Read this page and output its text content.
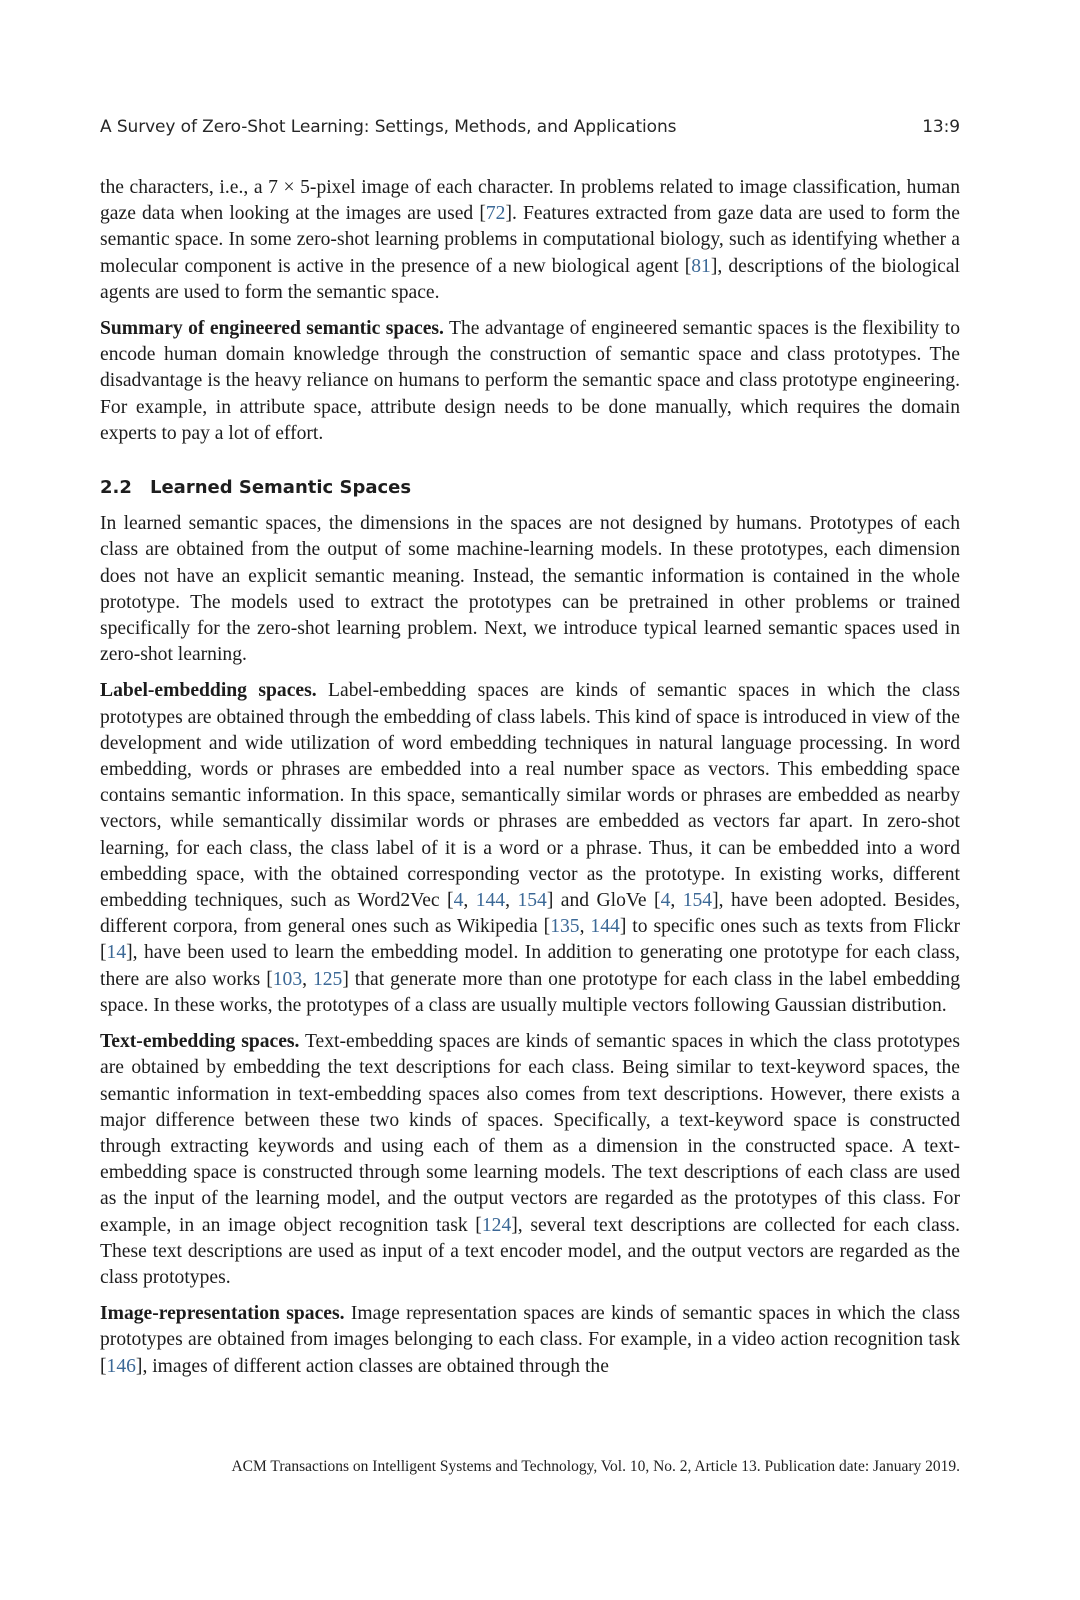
A Survey of Zero-Shot Learning: Settings, Methods, and Applications	13:9

the characters, i.e., a 7 × 5-pixel image of each character. In problems related to image classification, human gaze data when looking at the images are used [72]. Features extracted from gaze data are used to form the semantic space. In some zero-shot learning problems in computational biology, such as identifying whether a molecular component is active in the presence of a new biological agent [81], descriptions of the biological agents are used to form the semantic space.

Summary of engineered semantic spaces. The advantage of engineered semantic spaces is the flexibility to encode human domain knowledge through the construction of semantic space and class prototypes. The disadvantage is the heavy reliance on humans to perform the semantic space and class prototype engineering. For example, in attribute space, attribute design needs to be done manually, which requires the domain experts to pay a lot of effort.

2.2 Learned Semantic Spaces

In learned semantic spaces, the dimensions in the spaces are not designed by humans. Prototypes of each class are obtained from the output of some machine-learning models. In these prototypes, each dimension does not have an explicit semantic meaning. Instead, the semantic information is contained in the whole prototype. The models used to extract the prototypes can be pretrained in other problems or trained specifically for the zero-shot learning problem. Next, we introduce typical learned semantic spaces used in zero-shot learning.

Label-embedding spaces. Label-embedding spaces are kinds of semantic spaces in which the class prototypes are obtained through the embedding of class labels. This kind of space is introduced in view of the development and wide utilization of word embedding techniques in natural language processing. In word embedding, words or phrases are embedded into a real number space as vectors. This embedding space contains semantic information. In this space, semantically similar words or phrases are embedded as nearby vectors, while semantically dissimilar words or phrases are embedded as vectors far apart. In zero-shot learning, for each class, the class label of it is a word or a phrase. Thus, it can be embedded into a word embedding space, with the obtained corresponding vector as the prototype. In existing works, different embedding techniques, such as Word2Vec [4, 144, 154] and GloVe [4, 154], have been adopted. Besides, different corpora, from general ones such as Wikipedia [135, 144] to specific ones such as texts from Flickr [14], have been used to learn the embedding model. In addition to generating one prototype for each class, there are also works [103, 125] that generate more than one prototype for each class in the label embedding space. In these works, the prototypes of a class are usually multiple vectors following Gaussian distribution.

Text-embedding spaces. Text-embedding spaces are kinds of semantic spaces in which the class prototypes are obtained by embedding the text descriptions for each class. Being similar to text-keyword spaces, the semantic information in text-embedding spaces also comes from text descriptions. However, there exists a major difference between these two kinds of spaces. Specifically, a text-keyword space is constructed through extracting keywords and using each of them as a dimension in the constructed space. A text-embedding space is constructed through some learning models. The text descriptions of each class are used as the input of the learning model, and the output vectors are regarded as the prototypes of this class. For example, in an image object recognition task [124], several text descriptions are collected for each class. These text descriptions are used as input of a text encoder model, and the output vectors are regarded as the class prototypes.

Image-representation spaces. Image representation spaces are kinds of semantic spaces in which the class prototypes are obtained from images belonging to each class. For example, in a video action recognition task [146], images of different action classes are obtained through the

ACM Transactions on Intelligent Systems and Technology, Vol. 10, No. 2, Article 13. Publication date: January 2019.
